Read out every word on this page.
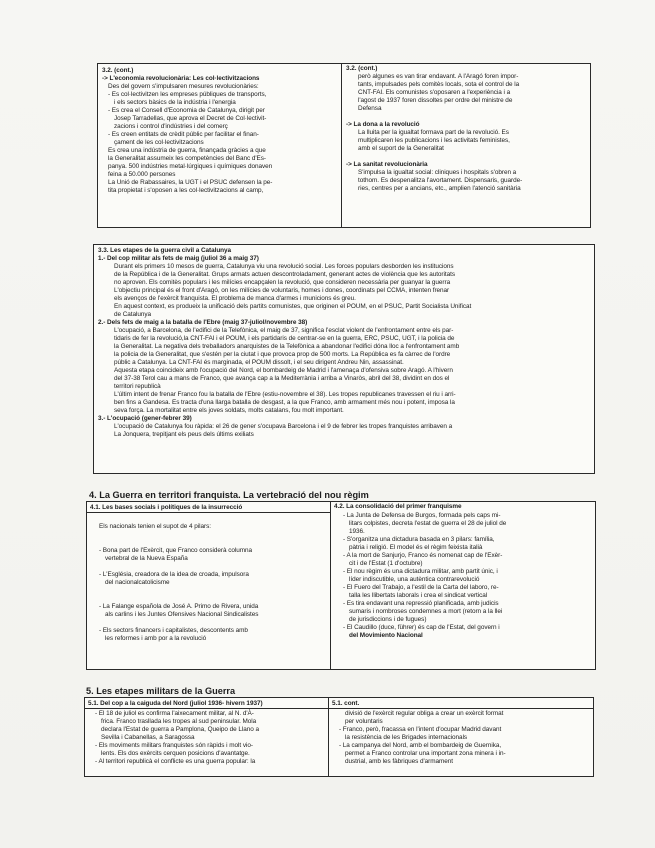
3.2. (cont.)
-> L'economia revolucionària: Les col·lectivitzacions
Des del govern s'impulsaren mesures revolucionàries:
- Es col·lectivitzen les empreses públiques de transports,
i els sectors bàsics de la indústria i l'energia
- Es crea el Consell d'Economia de Catalunya, dirigit per
Josep Tarradellas, que aprova el Decret de Col·lectivit-
zacions i control d'indústries i del comerç
- Es creen entitats de crèdit públic per facilitar el finan-
çament de les col·lectivitzacions
Es crea una indústria de guerra, finançada gràcies a que
la Generalitat assumeix les competències del Banc d'Es-
panya. 500 indústries metal·lúrgiques i químiques donaven
feina a 50.000 persones
La Unió de Rabassaires, la UGT i el PSUC defensen la pe-
tita propietat i s'oposen a les col·lectivitzacions al camp,
3.2. (cont.)
però algunes es van tirar endavant. A l'Aragó foren impor-
tants, impulsades pels comitès locals, sota el control de la
CNT-FAI. Els comunistes s'oposaren a l'experiència i a
l'agost de 1937 foren dissoltes per ordre del ministre de
Defensa

-> La dona a la revolució
La lluita per la igualtat formava part de la revolució. Es
multiplicaren les publicacions i les activitats feministes,
amb el suport de la Generalitat

-> La sanitat revolucionària
S'impulsa la igualtat social: cliniques i hospitals s'obren a
tothom. Es despenalitza l'avortament. Dispensaris, guarde-
ries, centres per a ancians, etc., amplien l'atenció sanitària
3.3. Les etapes de la guerra civil a Catalunya
1.- Del cop militar als fets de maig (juliol 36 a maig 37)
Durant els primers 10 mesos de guerra, Catalunya viu una revolució social. Les forces populars desborden les institucions
de la República i de la Generalitat. Grups armats actuen descontroladament, generant actes de violència que les autoritats
no aproven. Els comitès populars i les milícies encapçalen la revolució, que consideren necessària per guanyar la guerra
L'objectiu principal és el front d'Aragó, on les milícies de voluntaris, homes i dones, coordinats pel CCMA, intenten frenar
els avenços de l'exèrcit franquista. El problema de manca d'armes i municions és greu.
En aquest context, es produeix la unificació dels partits comunistes, que originen el POUM, en el PSUC, Partit Socialista Unificat
de Catalunya
2.- Dels fets de maig a la batalla de l'Ebre (maig 37-juliol/novembre 38)
L'ocupació, a Barcelona, de l'edifici de la Telefònica, el maig de 37, significa l'esclat violent de l'enfrontament entre els par-
tidaris de fer la revolució,la CNT-FAI i el POUM, i els partidaris de centrar-se en la guerra, ERC, PSUC, UGT, i la policia de
la Generalitat. La negativa dels treballadors anarquistes de la Telefònica a abandonar l'edifici dóna lloc a l'enfrontament amb
la policia de la Generalitat, que s'estén per la ciutat i que provoca prop de 500 morts. La República es fa càrrec de l'ordre
públic a Catalunya. La CNT-FAI és marginada, el POUM dissolt, i el seu dirigent Andreu Nin, assassinat.
Aquesta etapa coincideix amb l'ocupació del Nord, el bombardeig de Madrid i l'amenaça d'ofensiva sobre Aragó. A l'hivern
del 37-38 Terol cau a mans de Franco, que avança cap a la Mediterrània i arriba a Vinaròs, abril del 38, dividint en dos el
territori republicà
L'últim intent de frenar Franco fou la batalla de l'Ebre (estiu-novembre el 38). Les tropes republicanes travessen el riu i arri-
ben fins a Gandesa. Es tracta d'una llarga batalla de desgast, a la que Franco, amb armament més nou i potent, imposa la
seva força. La mortalitat entre els joves soldats, molts catalans, fou molt important.
3.- L'ocupació (gener-febrer 39)
L'ocupació de Catalunya fou ràpida: el 26 de gener s'ocupava Barcelona i el 9 de febrer les tropes franquistes arribaven a
La Jonquera, trepitjant els peus dels últims exiliats
4. La Guerra en territori franquista. La vertebració del nou règim
4.1. Les bases socials i polítiques de la insurrecció	4.2. La consolidació del primer franquisme

Els nacionals tenien el supot de 4 pilars:

- Bona part de l'Exèrcit, que Franco considerà columna
vertebral de la Nueva España

- L'Església, creadora de la idea de croada, impulsora
del nacionalcatolicisme

- La Falange española de José A. Primo de Rivera, unida
als carlins i les Juntes Ofensives Nacional Sindicalistes

- Els sectors financers i capitalistes, descontents amb
les reformes i amb por a la revolució
- La Junta de Defensa de Burgos, formada pels caps mi-
litars colpistes, decreta l'estat de guerra el 28 de juliol de
1936.
- S'organitza una dictadura basada en 3 pilars: família,
pàtria i religió. El model és el règim feixista italià
- A la mort de Sanjurjo, Franco és nomenat cap de l'Exèr-
cit i de l'Estat (1 d'octubre)
- El nou règim és una dictadura militar, amb partit únic, i
líder indiscutible, una autèntica contrarevolució
- El Fuero del Trabajo, a l'estil de la Carta del laboro, re-
talla les llibertats laborals i crea el sindicat vertical
- Es tira endavant una repressió planificada, amb judicis
sumaris i nombroses condemnes a mort (retorn a la llei
de jurisdiccions i de fugues)
- El Caudillo (duce, führer) és cap de l'Estat, del govern i
del Movimiento Nacional
5. Les etapes militars de la Guerra
5.1. Del cop a la caiguda del Nord (juliol 1936- hivern 1937)	5.1. cont.
- El 18 de juliol es confirma l'aixecament militar, al N. d'À-
frica. Franco trasllada les tropes al sud peninsular. Mola
declara l'Estat de guerra a Pamplona, Queipo de Llano a
Sevilla i Cabanellas, a Saragossa
- Els moviments militars franquistes són ràpids i molt vio-
lents. Els dos exèrcits cerquen posicions d'avantatge.
- Al territori republicà el conflicte es una guerra popular: la
divisió de l'exèrcit regular obliga a crear un exèrcit format
per voluntaris
- Franco, però, fracassa en l'intent d'ocupar Madrid davant
la resistència de les Brigades internacionals
- La campanya del Nord, amb el bombardeig de Guernika,
permet a Franco controlar una important zona minera i in-
dustrial, amb les fàbriques d'armament
